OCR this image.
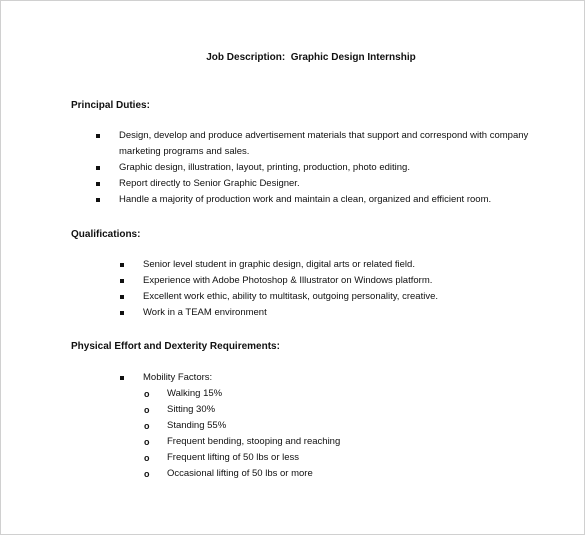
Job Description:  Graphic Design Internship
Principal Duties:
Design, develop and produce advertisement materials that support and correspond with company
marketing programs and sales.
Graphic design, illustration, layout, printing, production, photo editing.
Report directly to Senior Graphic Designer.
Handle a majority of production work and maintain a clean, organized and efficient room.
Qualifications:
Senior level student in graphic design, digital arts or related field.
Experience with Adobe Photoshop & Illustrator on Windows platform.
Excellent work ethic, ability to multitask, outgoing personality, creative.
Work in a TEAM environment
Physical Effort and Dexterity Requirements:
Mobility Factors:
o Walking 15%
o Sitting 30%
o Standing 55%
o Frequent bending, stooping and reaching
o Frequent lifting of 50 lbs or less
o Occasional lifting of 50 lbs or more
